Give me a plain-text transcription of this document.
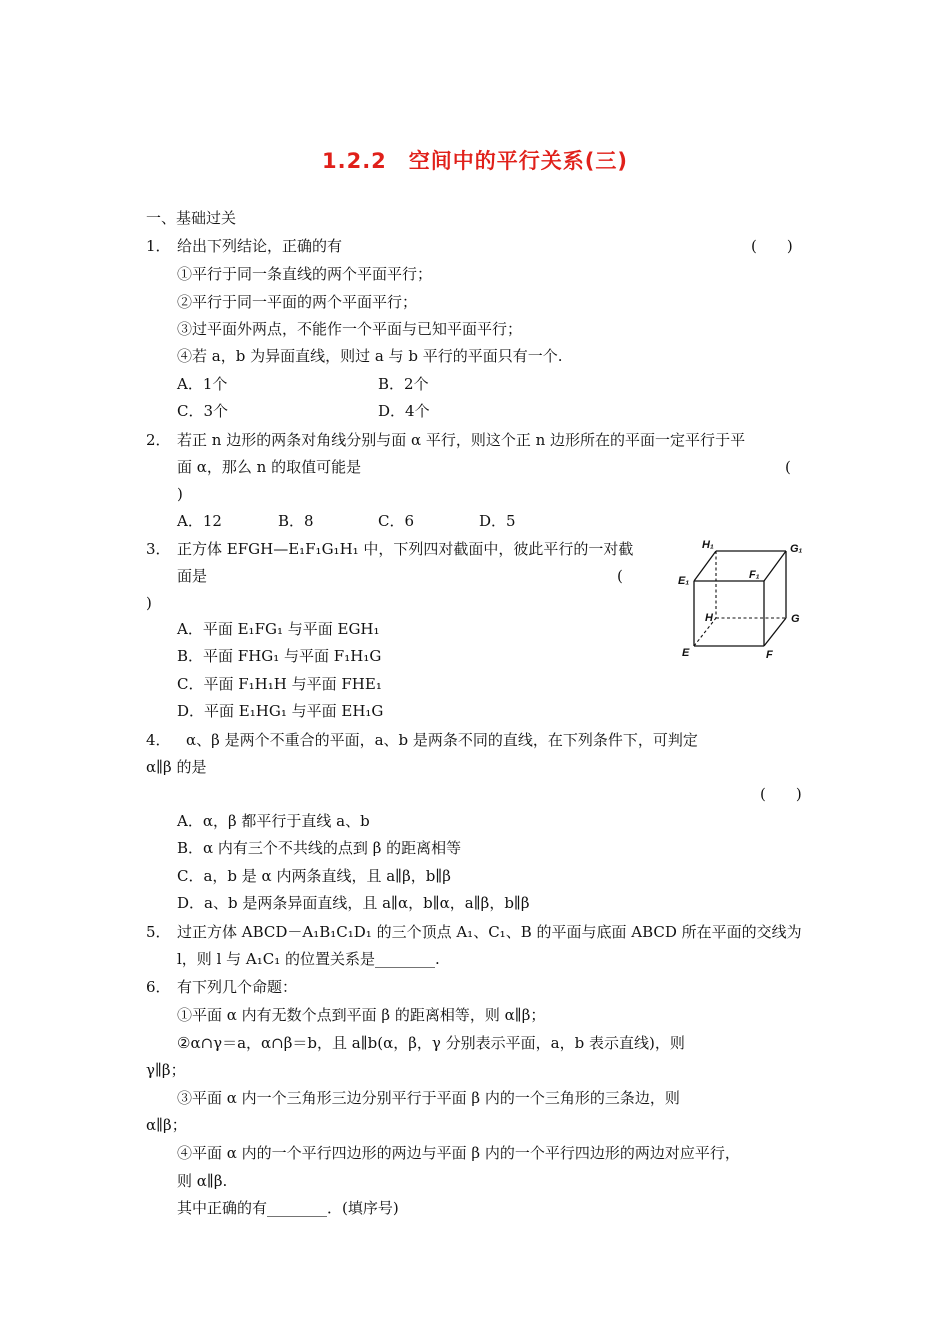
1.2.2　空间中的平行关系(三)
一、基础过关
1． 给出下列结论，正确的有	(　　)
①平行于同一条直线的两个平面平行；
②平行于同一平面的两个平面平行；
③过平面外两点，不能作一个平面与已知平面平行；
④若 a，b 为异面直线，则过 a 与 b 平行的平面只有一个.
A．1个	B．2个
C．3个	D．4个
2． 若正 n 边形的两条对角线分别与面 α 平行，则这个正 n 边形所在的平面一定平行于平
面 α，那么 n 的取值可能是	(
)
A．12	B．8	C．6	D．5
3． 正方体 EFGH—E₁F₁G₁H₁ 中，下列四对截面中，彼此平行的一对截
面是	(
)
A．平面 E₁FG₁ 与平面 EGH₁
B．平面 FHG₁ 与平面 F₁H₁G
C．平面 F₁H₁H 与平面 FHE₁
D．平面 E₁HG₁ 与平面 EH₁G
H₁	G₁
E₁	F₁
H	G
E	F
4． α、β 是两个不重合的平面，a、b 是两条不同的直线，在下列条件下，可判定
α∥β 的是
(　　)
A．α，β 都平行于直线 a、b
B．α 内有三个不共线的点到 β 的距离相等
C．a，b 是 α 内两条直线，且 a∥β，b∥β
D．a、b 是两条异面直线，且 a∥α，b∥α，a∥β，b∥β
5． 过正方体 ABCD－A₁B₁C₁D₁ 的三个顶点 A₁、C₁、B 的平面与底面 ABCD 所在平面的交线为
l，则 l 与 A₁C₁ 的位置关系是________.
6． 有下列几个命题：
①平面 α 内有无数个点到平面 β 的距离相等，则 α∥β；
②α∩γ＝a，α∩β＝b，且 a∥b(α，β，γ 分别表示平面，a，b 表示直线)，则
γ∥β；
③平面 α 内一个三角形三边分别平行于平面 β 内的一个三角形的三条边，则
α∥β；
④平面 α 内的一个平行四边形的两边与平面 β 内的一个平行四边形的两边对应平行，
则 α∥β.
其中正确的有________．(填序号)
